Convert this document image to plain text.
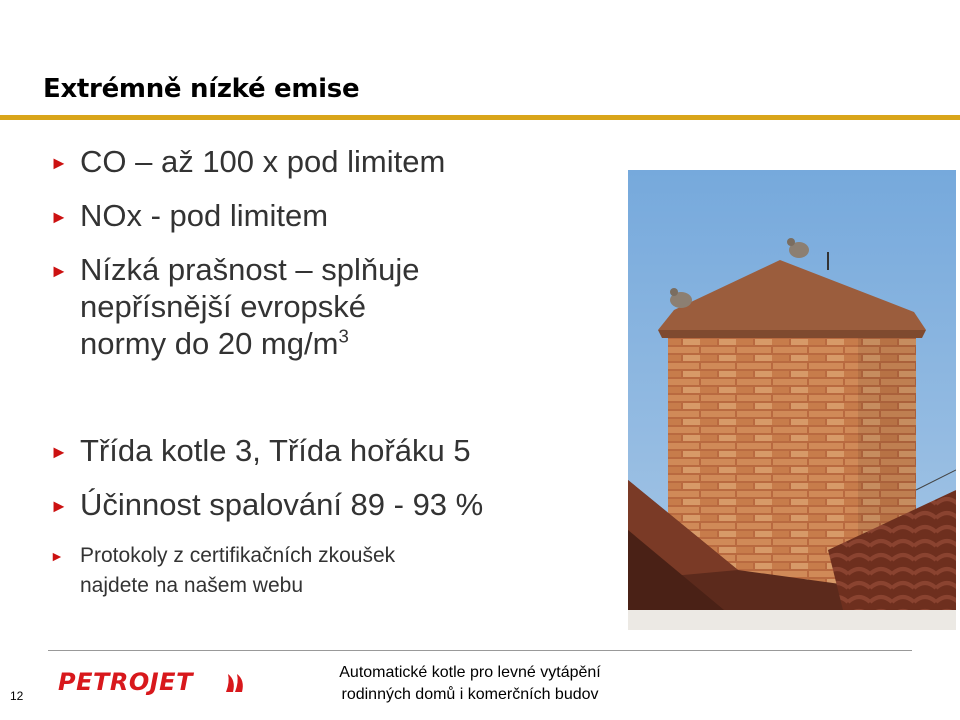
Extrémně nízké emise
► CO – až 100 x pod limitem
► NOx - pod limitem
► Nízká prašnost – splňuje
nepřísnější evropské
normy do 20 $mg/m^3$
► Třída kotle 3, Třída hořáku 5
► Účinnost spalování 89 - 93 %
► Protokoly z certifikačních zkoušek
najdete na našem webu
PETROJET	Automatické kotle pro levné vytápění
rodinných domů i komerčních budov
12
